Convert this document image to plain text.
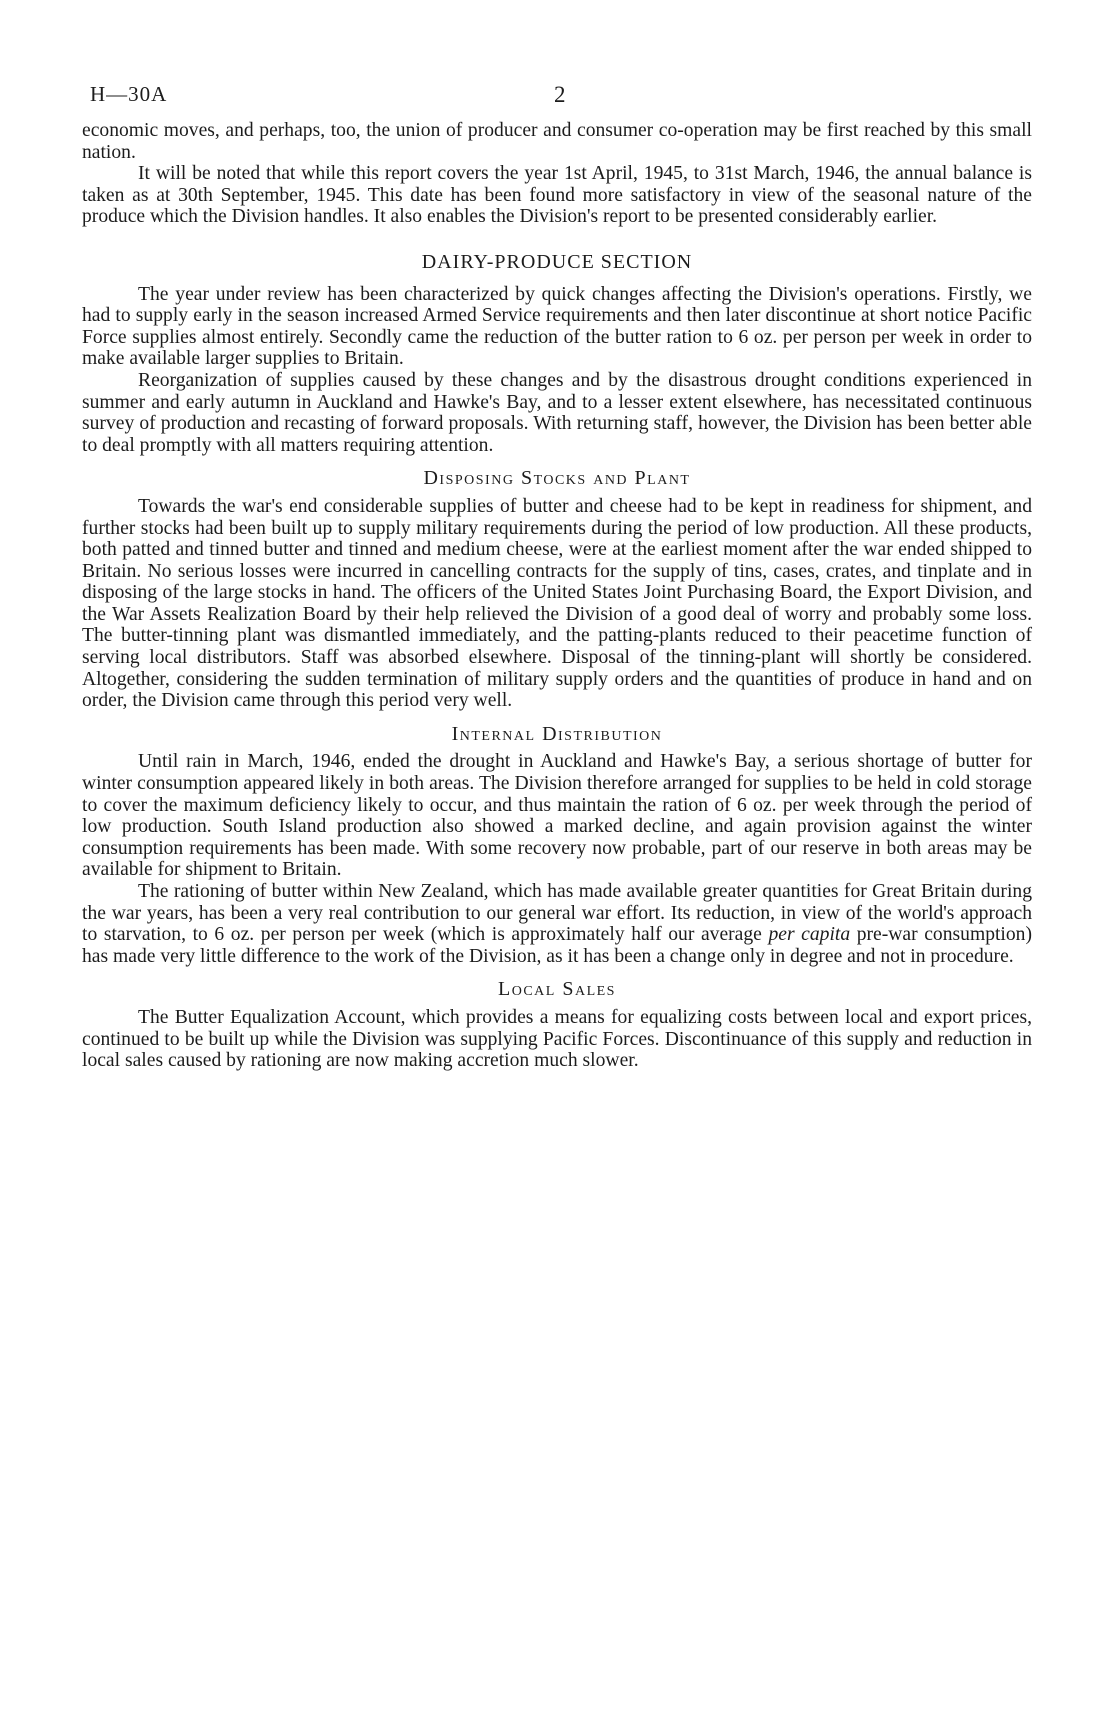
H—30A	2

economic moves, and perhaps, too, the union of producer and consumer co-operation may be first reached by this small nation.

It will be noted that while this report covers the year 1st April, 1945, to 31st March, 1946, the annual balance is taken as at 30th September, 1945. This date has been found more satisfactory in view of the seasonal nature of the produce which the Division handles. It also enables the Division's report to be presented considerably earlier.

DAIRY-PRODUCE SECTION

The year under review has been characterized by quick changes affecting the Division's operations. Firstly, we had to supply early in the season increased Armed Service requirements and then later discontinue at short notice Pacific Force supplies almost entirely. Secondly came the reduction of the butter ration to 6 oz. per person per week in order to make available larger supplies to Britain.

Reorganization of supplies caused by these changes and by the disastrous drought conditions experienced in summer and early autumn in Auckland and Hawke's Bay, and to a lesser extent elsewhere, has necessitated continuous survey of production and recasting of forward proposals. With returning staff, however, the Division has been better able to deal promptly with all matters requiring attention.

Disposing Stocks and Plant

Towards the war's end considerable supplies of butter and cheese had to be kept in readiness for shipment, and further stocks had been built up to supply military requirements during the period of low production. All these products, both patted and tinned butter and tinned and medium cheese, were at the earliest moment after the war ended shipped to Britain. No serious losses were incurred in cancelling contracts for the supply of tins, cases, crates, and tinplate and in disposing of the large stocks in hand. The officers of the United States Joint Purchasing Board, the Export Division, and the War Assets Realization Board by their help relieved the Division of a good deal of worry and probably some loss. The butter-tinning plant was dismantled immediately, and the patting-plants reduced to their peacetime function of serving local distributors. Staff was absorbed elsewhere. Disposal of the tinning-plant will shortly be considered. Altogether, considering the sudden termination of military supply orders and the quantities of produce in hand and on order, the Division came through this period very well.

Internal Distribution

Until rain in March, 1946, ended the drought in Auckland and Hawke's Bay, a serious shortage of butter for winter consumption appeared likely in both areas. The Division therefore arranged for supplies to be held in cold storage to cover the maximum deficiency likely to occur, and thus maintain the ration of 6 oz. per week through the period of low production. South Island production also showed a marked decline, and again provision against the winter consumption requirements has been made. With some recovery now probable, part of our reserve in both areas may be available for shipment to Britain.

The rationing of butter within New Zealand, which has made available greater quantities for Great Britain during the war years, has been a very real contribution to our general war effort. Its reduction, in view of the world's approach to starvation, to 6 oz. per person per week (which is approximately half our average per capita pre-war consumption) has made very little difference to the work of the Division, as it has been a change only in degree and not in procedure.

Local Sales

The Butter Equalization Account, which provides a means for equalizing costs between local and export prices, continued to be built up while the Division was supplying Pacific Forces. Discontinuance of this supply and reduction in local sales caused by rationing are now making accretion much slower.
